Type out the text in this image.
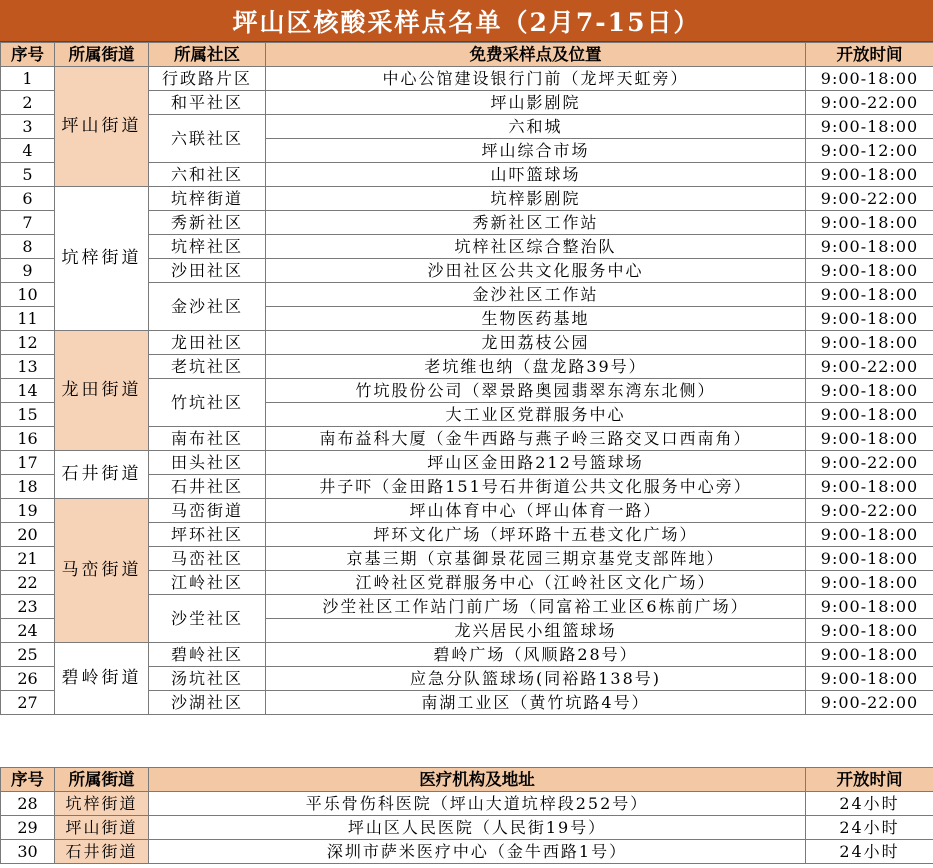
坪山区核酸采样点名单（2月7-15日）
序号	所属街道	所属社区	免费采样点及位置	开放时间
1	坪山街道	行政路片区	中心公馆建设银行门前（龙坪天虹旁）	9:00-18:00
2		和平社区	坪山影剧院	9:00-22:00
3		六联社区	六和城	9:00-18:00
4			坪山综合市场	9:00-12:00
5		六和社区	山吓篮球场	9:00-18:00
6	坑梓街道	坑梓街道	坑梓影剧院	9:00-22:00
7		秀新社区	秀新社区工作站	9:00-18:00
8		坑梓社区	坑梓社区综合整治队	9:00-18:00
9		沙田社区	沙田社区公共文化服务中心	9:00-18:00
10		金沙社区	金沙社区工作站	9:00-18:00
11			生物医药基地	9:00-18:00
12	龙田街道	龙田社区	龙田荔枝公园	9:00-18:00
13		老坑社区	老坑维也纳（盘龙路39号）	9:00-22:00
14		竹坑社区	竹坑股份公司（翠景路奥园翡翠东湾东北侧）	9:00-18:00
15			大工业区党群服务中心	9:00-18:00
16		南布社区	南布益科大厦（金牛西路与燕子岭三路交叉口西南角）	9:00-18:00
17	石井街道	田头社区	坪山区金田路212号篮球场	9:00-22:00
18		石井社区	井子吓（金田路151号石井街道公共文化服务中心旁）	9:00-18:00
19	马峦街道	马峦街道	坪山体育中心（坪山体育一路）	9:00-22:00
20		坪环社区	坪环文化广场（坪环路十五巷文化广场）	9:00-18:00
21		马峦社区	京基三期（京基御景花园三期京基党支部阵地）	9:00-18:00
22		江岭社区	江岭社区党群服务中心（江岭社区文化广场）	9:00-18:00
23		沙坣社区	沙坣社区工作站门前广场（同富裕工业区6栋前广场）	9:00-18:00
24			龙兴居民小组篮球场	9:00-18:00
25	碧岭街道	碧岭社区	碧岭广场（风顺路28号）	9:00-18:00
26		汤坑社区	应急分队篮球场(同裕路138号)	9:00-18:00
27		沙湖社区	南湖工业区（黄竹坑路4号）	9:00-22:00
序号	所属街道	医疗机构及地址	开放时间
28	坑梓街道	平乐骨伤科医院（坪山大道坑梓段252号）	24小时
29	坪山街道	坪山区人民医院（人民街19号）	24小时
30	石井街道	深圳市萨米医疗中心（金牛西路1号）	24小时
